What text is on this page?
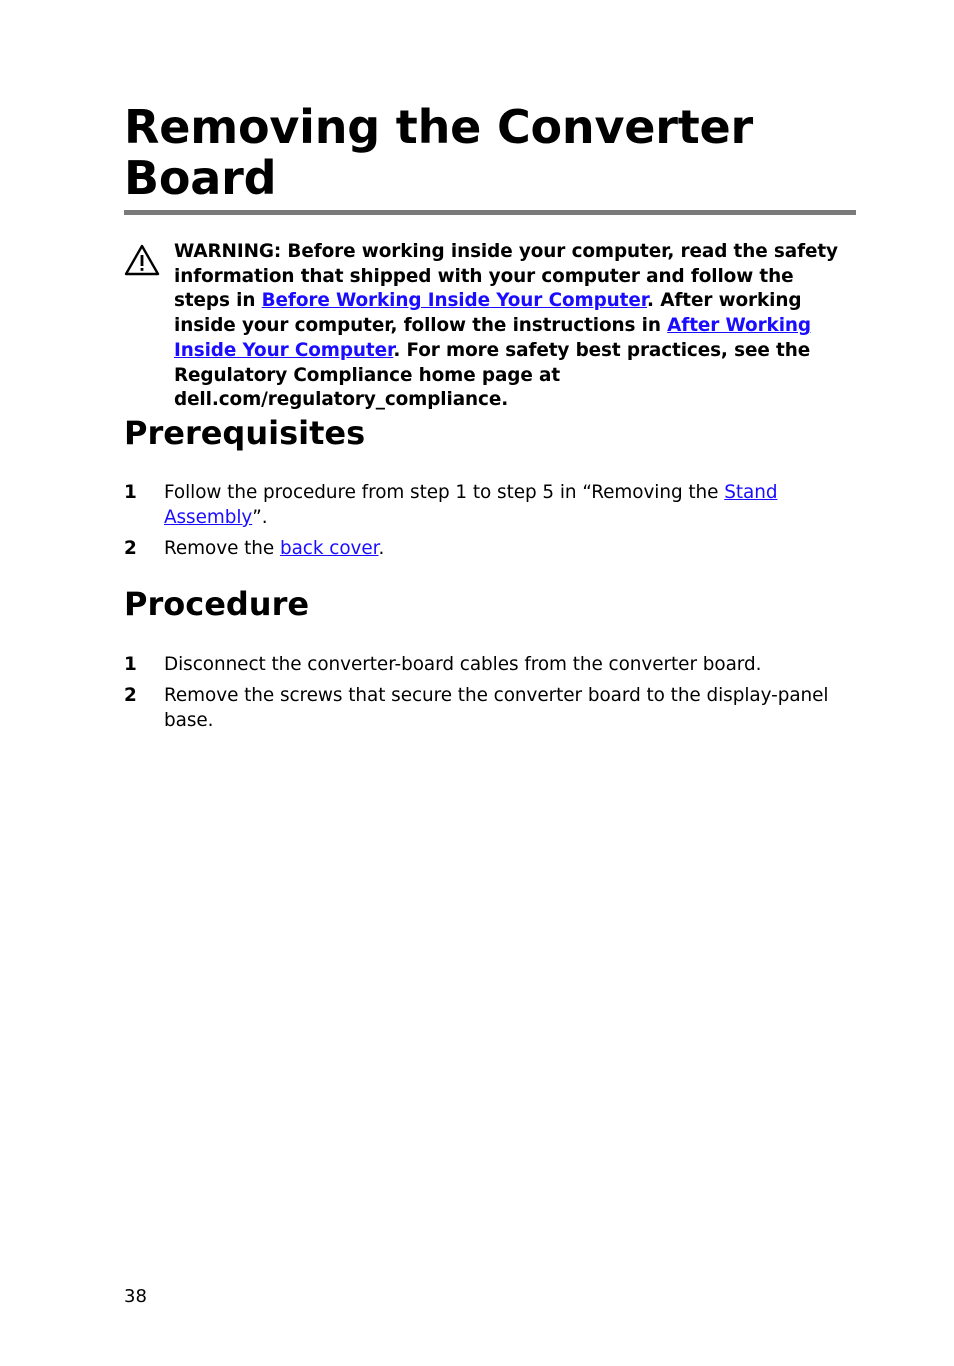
Removing the Converter Board
WARNING: Before working inside your computer, read the safety information that shipped with your computer and follow the steps in Before Working Inside Your Computer. After working inside your computer, follow the instructions in After Working Inside Your Computer. For more safety best practices, see the Regulatory Compliance home page at dell.com/regulatory_compliance.
Prerequisites
1 Follow the procedure from step 1 to step 5 in “Removing the Stand Assembly”.
2 Remove the back cover.
Procedure
1 Disconnect the converter-board cables from the converter board.
2 Remove the screws that secure the converter board to the display-panel base.
38
